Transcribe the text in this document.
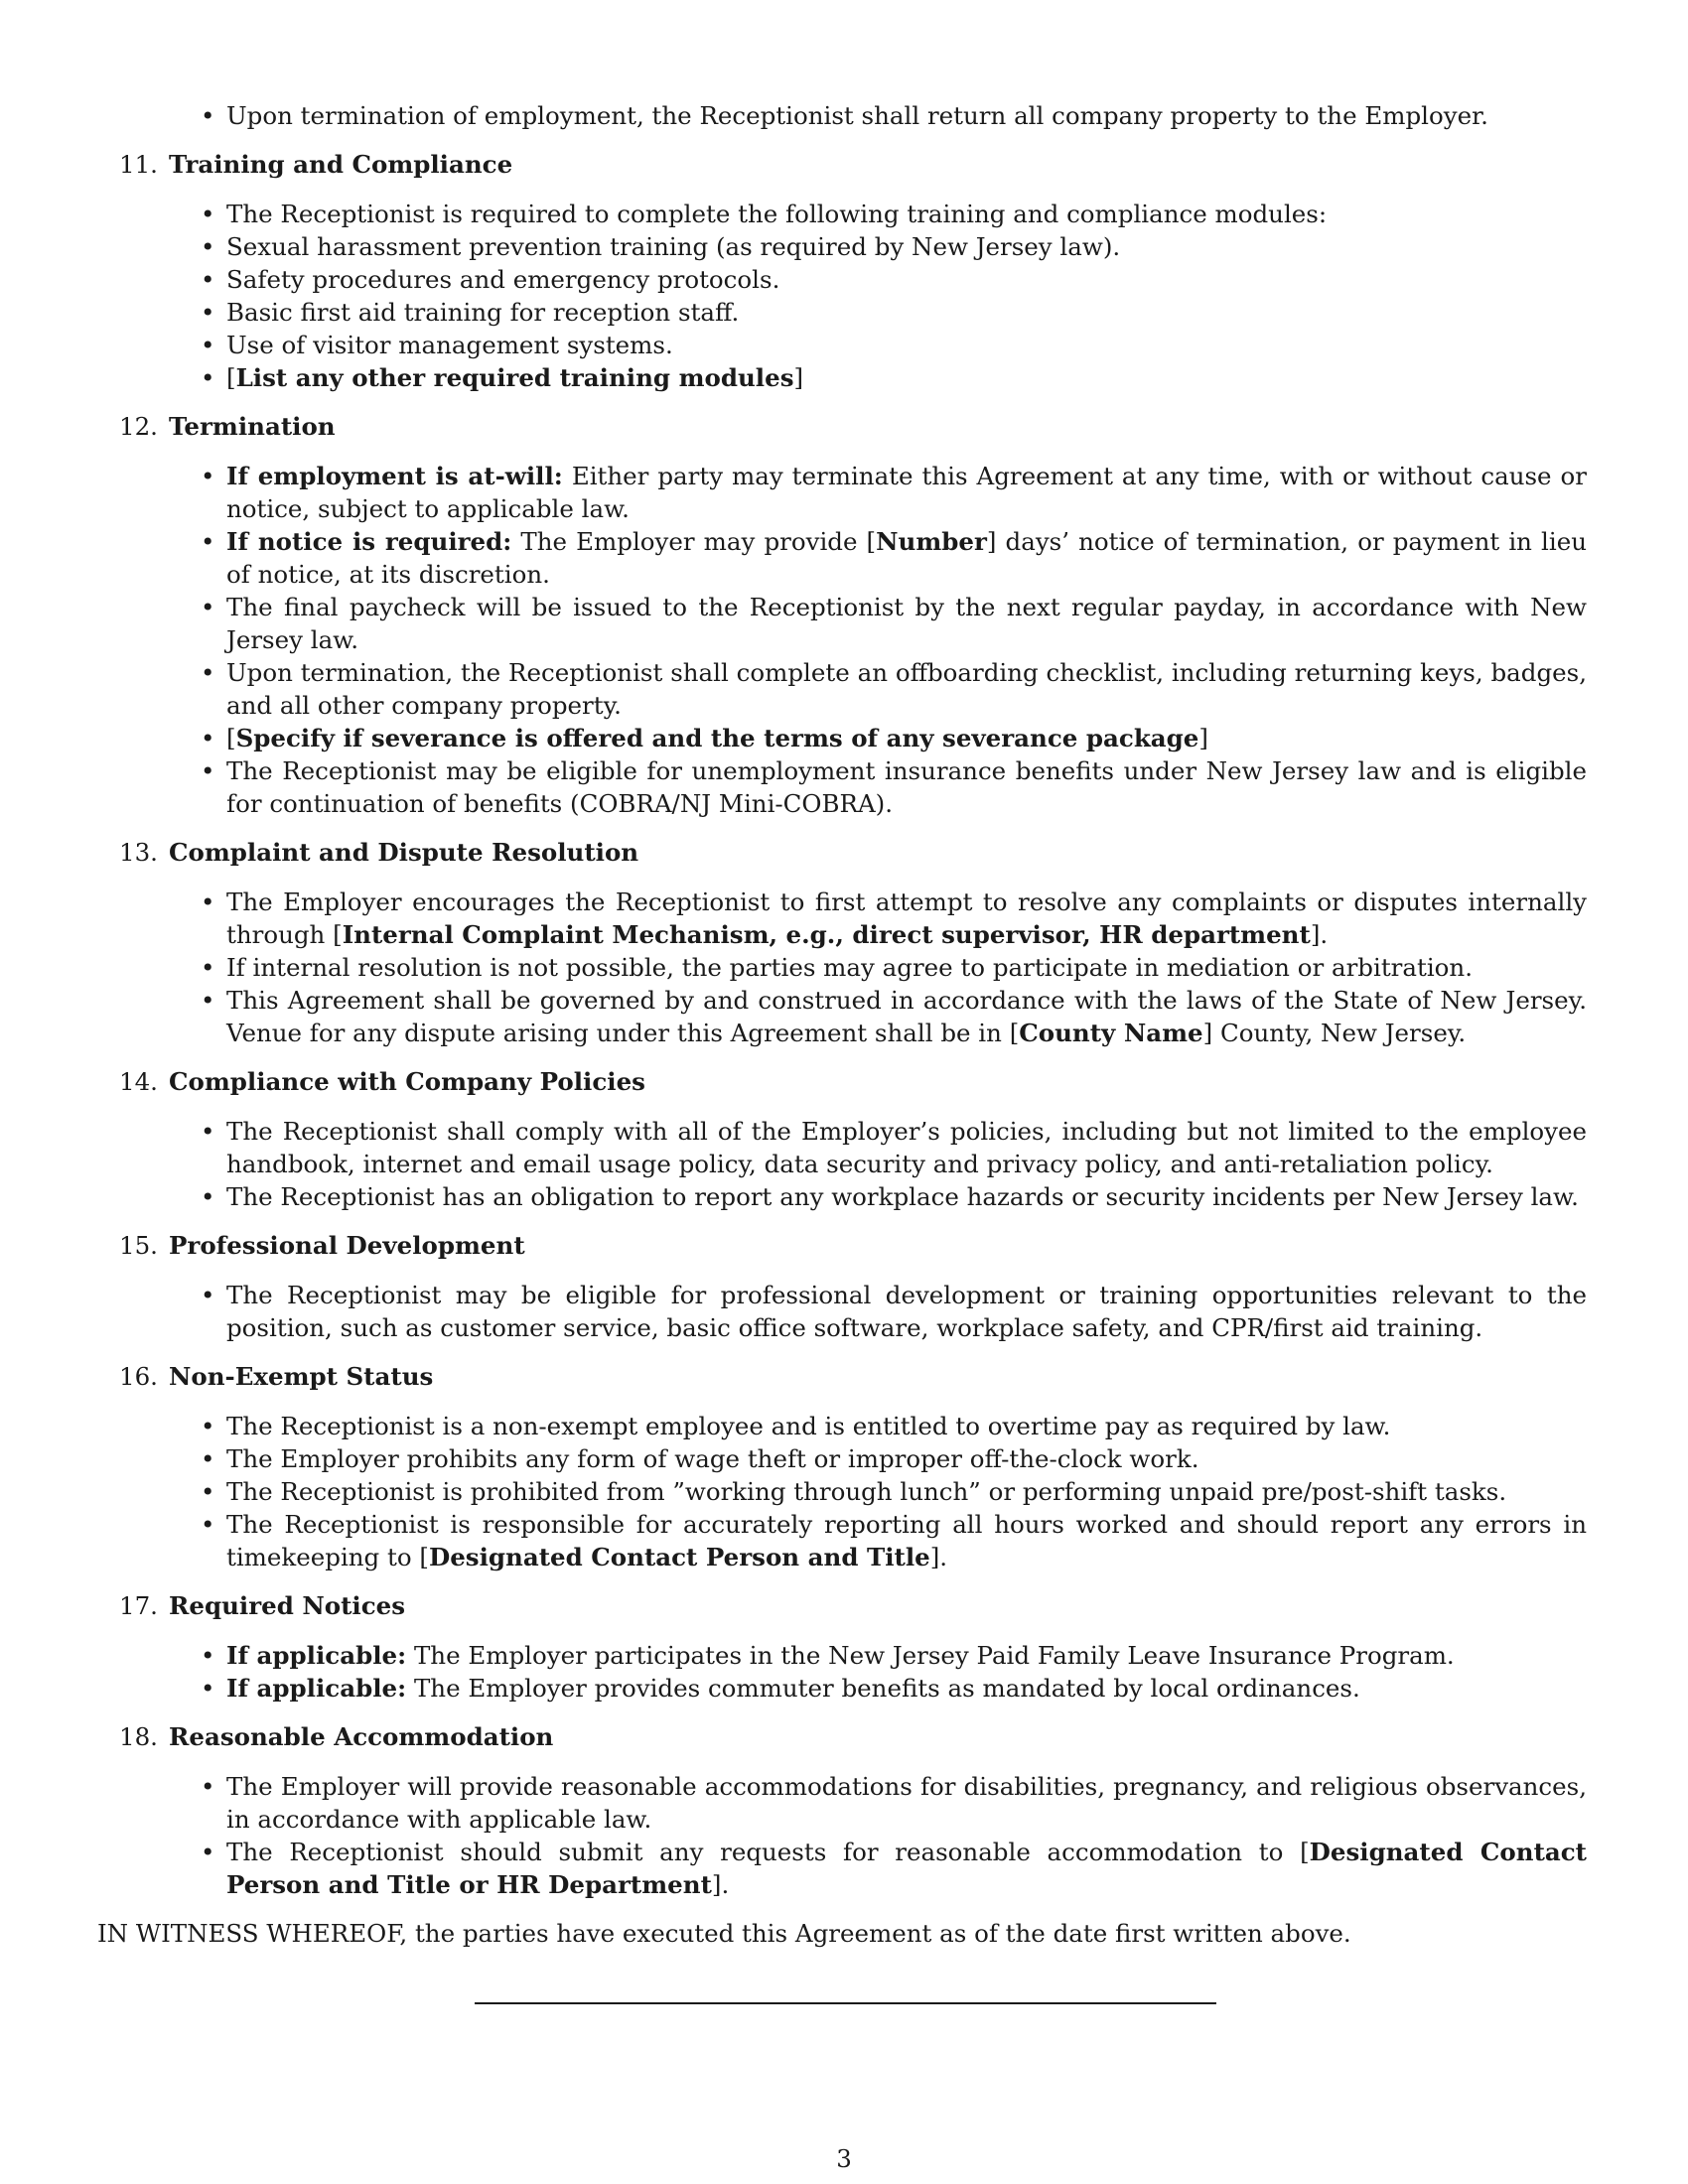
• Upon termination of employment, the Receptionist shall return all company property to the Employer.
11. Training and Compliance
• The Receptionist is required to complete the following training and compliance modules:
• Sexual harassment prevention training (as required by New Jersey law).
• Safety procedures and emergency protocols.
• Basic first aid training for reception staff.
• Use of visitor management systems.
• [List any other required training modules]
12. Termination
• If employment is at-will: Either party may terminate this Agreement at any time, with or without cause or notice, subject to applicable law.
• If notice is required: The Employer may provide [Number] days’ notice of termination, or payment in lieu of notice, at its discretion.
• The final paycheck will be issued to the Receptionist by the next regular payday, in accordance with New Jersey law.
• Upon termination, the Receptionist shall complete an offboarding checklist, including returning keys, badges, and all other company property.
• [Specify if severance is offered and the terms of any severance package]
• The Receptionist may be eligible for unemployment insurance benefits under New Jersey law and is eligible for continuation of benefits (COBRA/NJ Mini-COBRA).
13. Complaint and Dispute Resolution
• The Employer encourages the Receptionist to first attempt to resolve any complaints or disputes internally through [Internal Complaint Mechanism, e.g., direct supervisor, HR department].
• If internal resolution is not possible, the parties may agree to participate in mediation or arbitration.
• This Agreement shall be governed by and construed in accordance with the laws of the State of New Jersey. Venue for any dispute arising under this Agreement shall be in [County Name] County, New Jersey.
14. Compliance with Company Policies
• The Receptionist shall comply with all of the Employer’s policies, including but not limited to the employee handbook, internet and email usage policy, data security and privacy policy, and anti-retaliation policy.
• The Receptionist has an obligation to report any workplace hazards or security incidents per New Jersey law.
15. Professional Development
• The Receptionist may be eligible for professional development or training opportunities relevant to the position, such as customer service, basic office software, workplace safety, and CPR/first aid training.
16. Non-Exempt Status
• The Receptionist is a non-exempt employee and is entitled to overtime pay as required by law.
• The Employer prohibits any form of wage theft or improper off-the-clock work.
• The Receptionist is prohibited from ”working through lunch” or performing unpaid pre/post-shift tasks.
• The Receptionist is responsible for accurately reporting all hours worked and should report any errors in timekeeping to [Designated Contact Person and Title].
17. Required Notices
• If applicable: The Employer participates in the New Jersey Paid Family Leave Insurance Program.
• If applicable: The Employer provides commuter benefits as mandated by local ordinances.
18. Reasonable Accommodation
• The Employer will provide reasonable accommodations for disabilities, pregnancy, and religious observances, in accordance with applicable law.
• The Receptionist should submit any requests for reasonable accommodation to [Designated Contact Person and Title or HR Department].
IN WITNESS WHEREOF, the parties have executed this Agreement as of the date first written above.
3
